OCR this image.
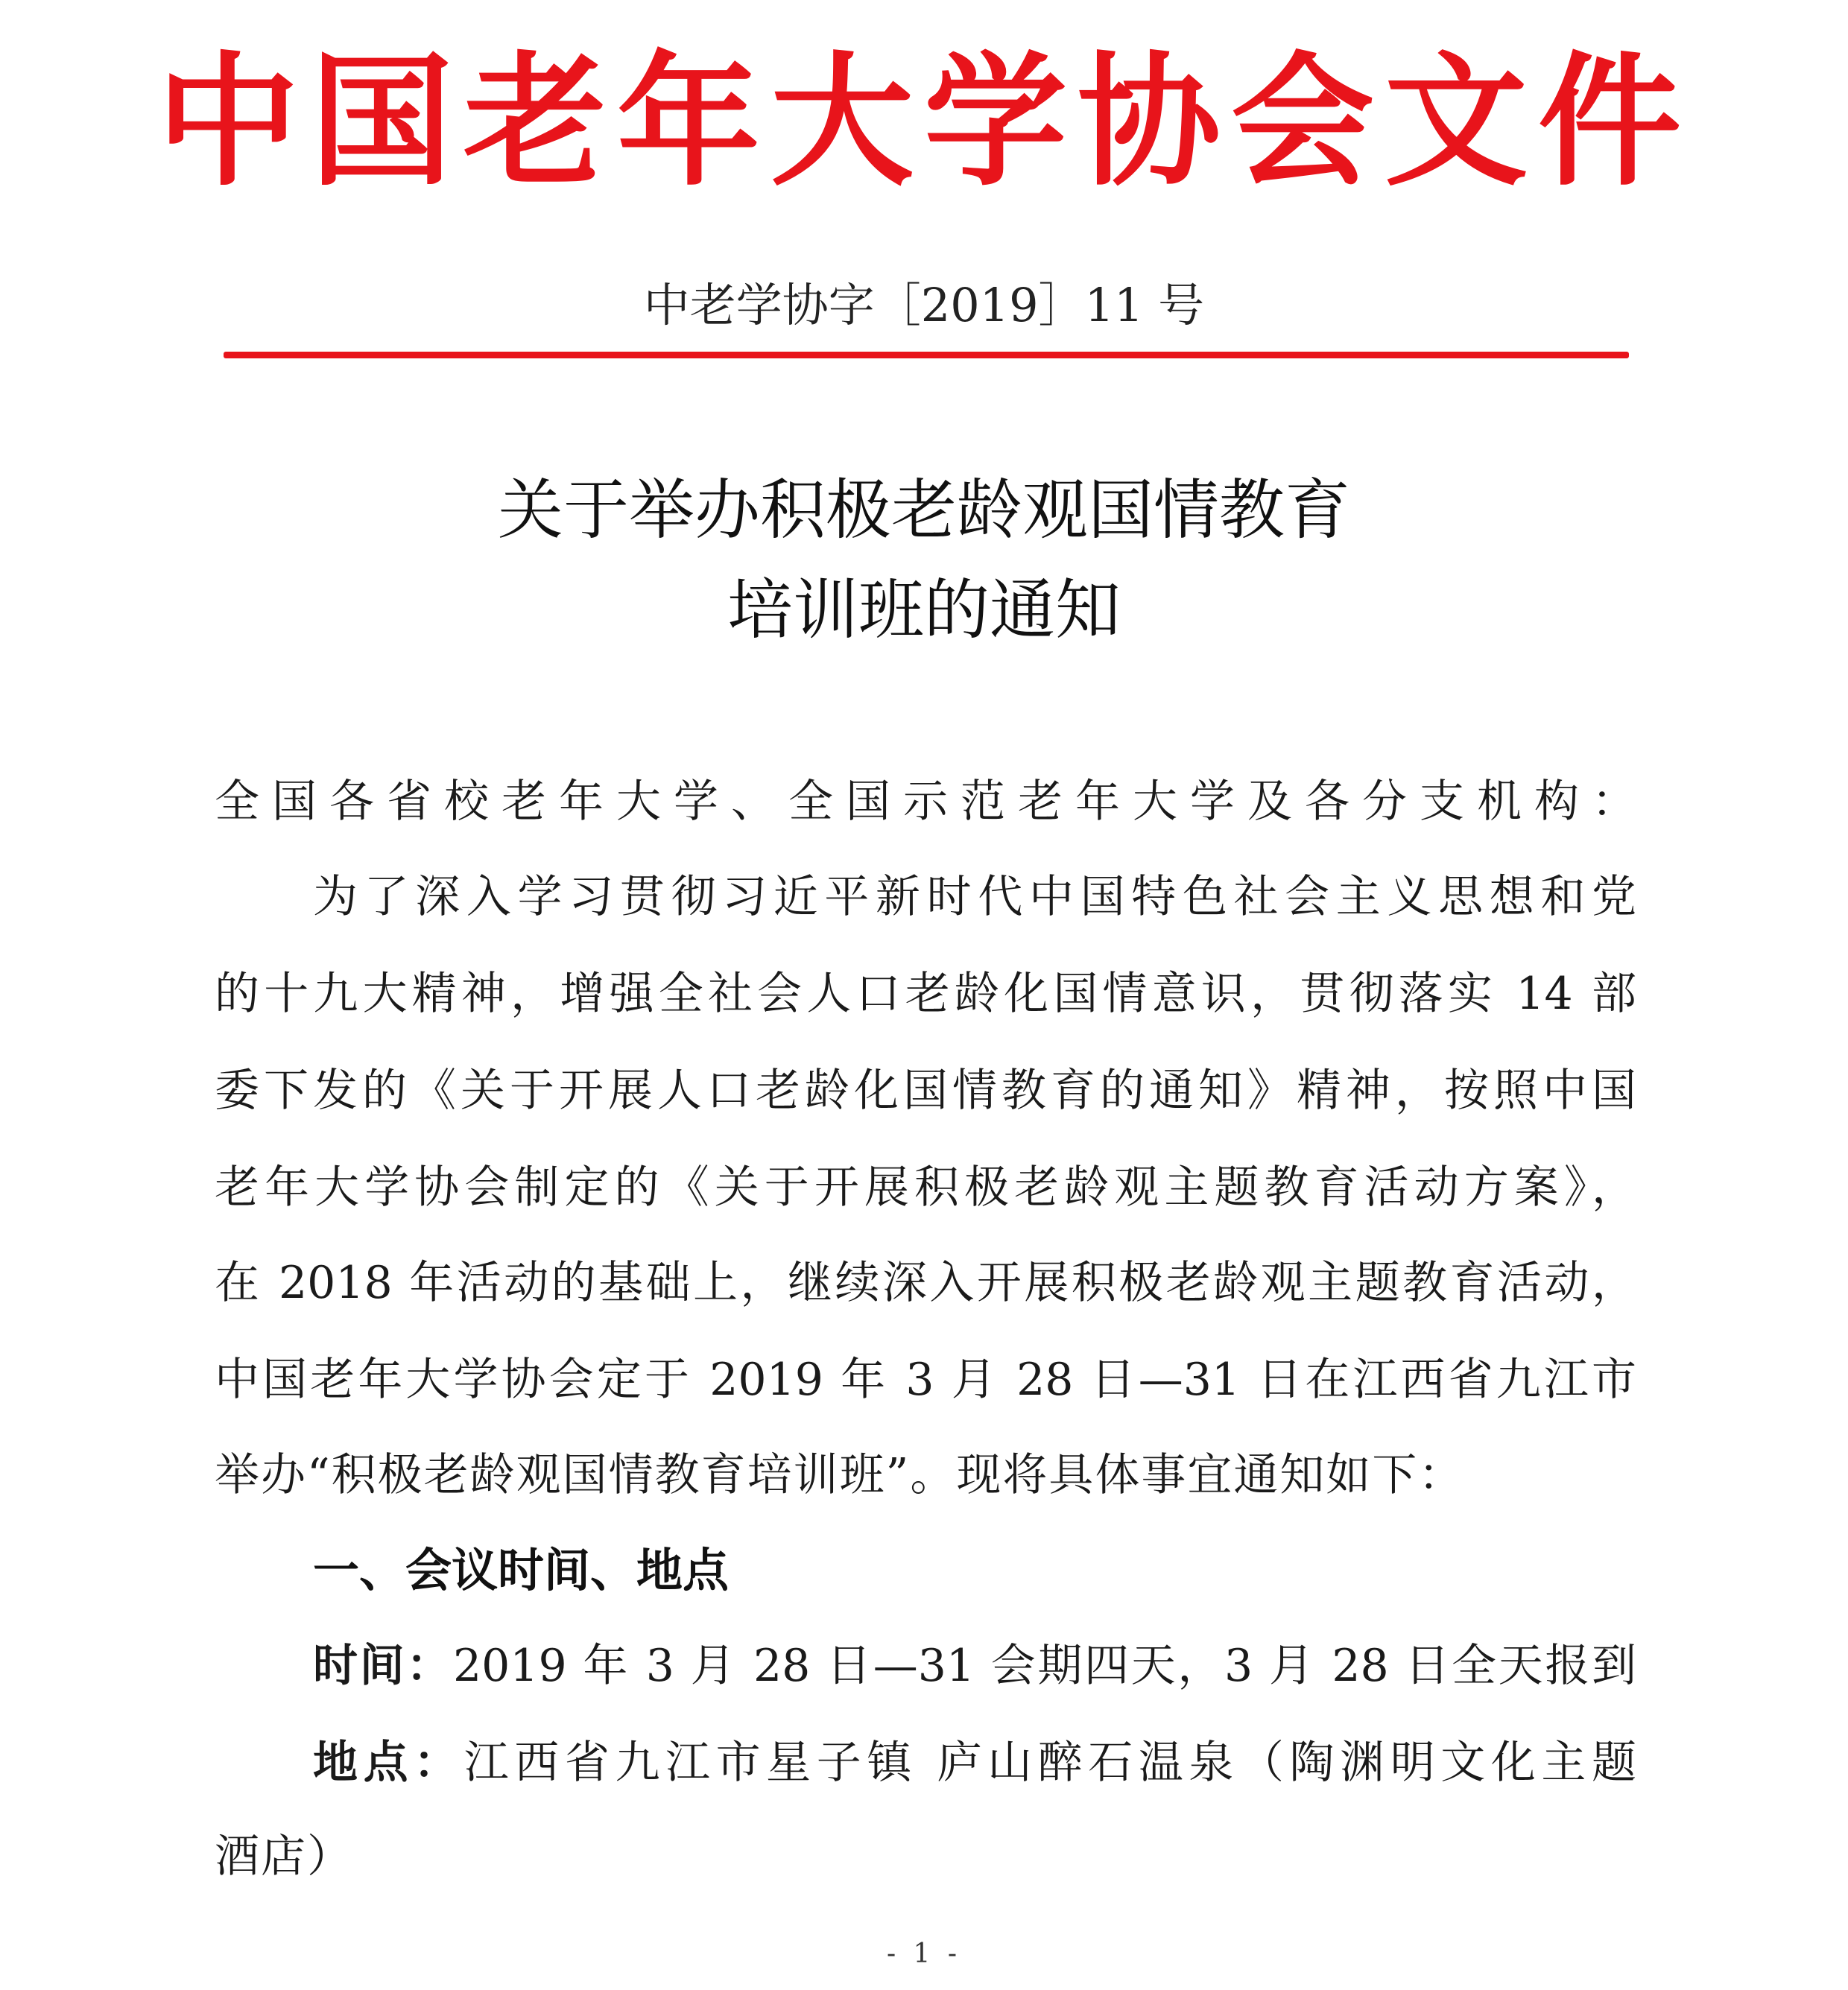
中国老年大学协会文件
中老学协字［2019］11 号
关于举办积极老龄观国情教育
培训班的通知
全国各省校老年大学、全国示范老年大学及各分支机构：
为了深入学习贯彻习近平新时代中国特色社会主义思想和党
的十九大精神，增强全社会人口老龄化国情意识，贯彻落实 14 部
委下发的《关于开展人口老龄化国情教育的通知》精神，按照中国
老年大学协会制定的《关于开展积极老龄观主题教育活动方案》，
在 2018 年活动的基础上，继续深入开展积极老龄观主题教育活动，
中国老年大学协会定于 2019 年 3 月 28 日—31 日在江西省九江市
举办“积极老龄观国情教育培训班”。现将具体事宜通知如下：
一、会议时间、地点
时间：2019 年 3 月 28 日—31 会期四天，3 月 28 日全天报到
地点：江西省九江市星子镇 庐山醉石温泉（陶渊明文化主题
酒店）
- 1 -
